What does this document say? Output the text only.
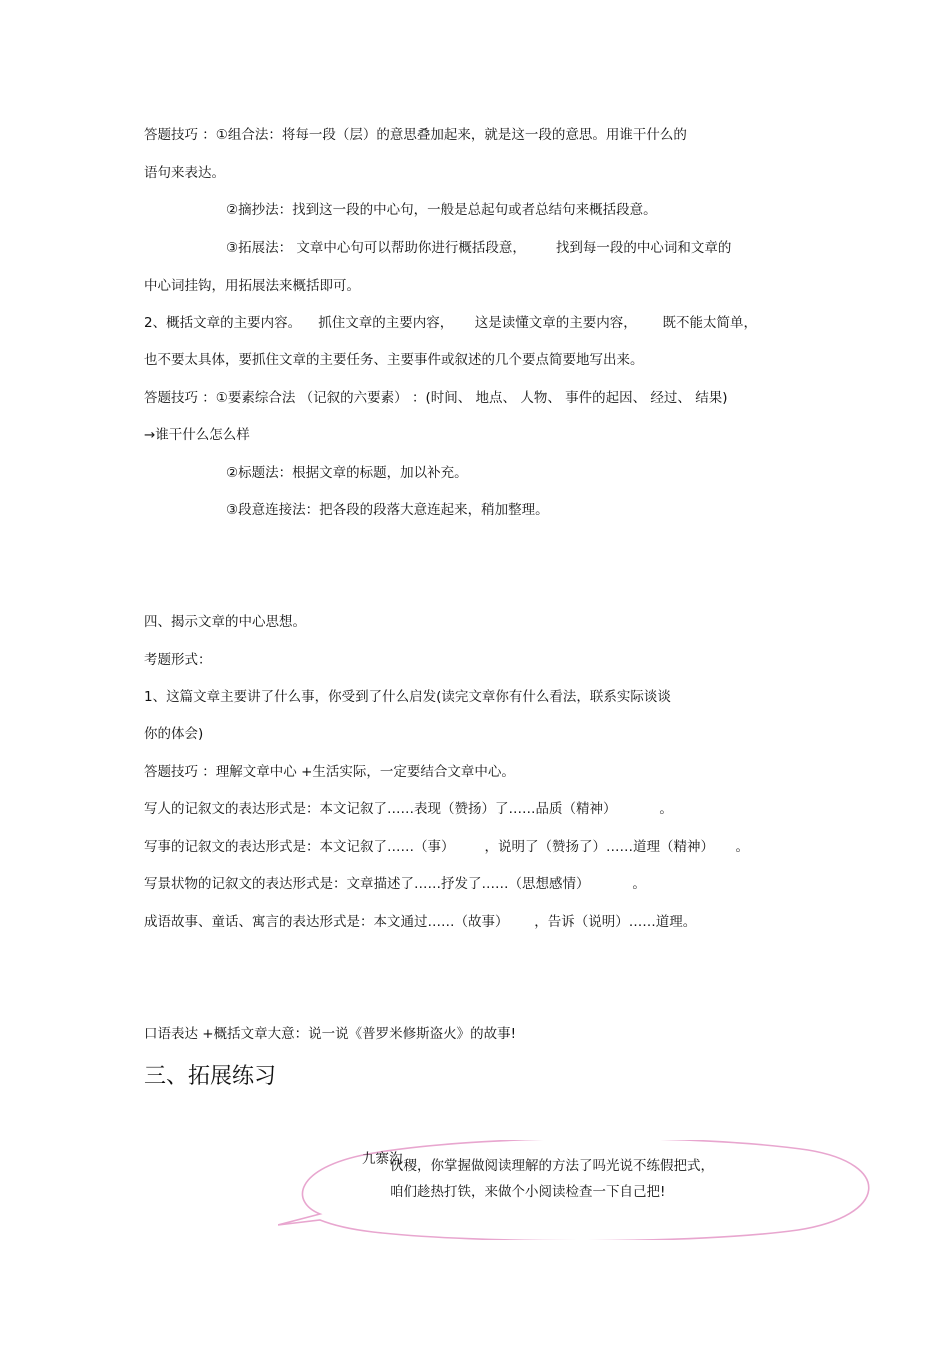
答题技巧 ：①组合法：将每一段（层）的意思叠加起来，就是这一段的意思。用谁干什么的
语句来表达。
②摘抄法：找到这一段的中心句，一般是总起句或者总结句来概括段意。
③拓展法： 文章中心句可以帮助你进行概括段意，       找到每一段的中心词和文章的
中心词挂钩，用拓展法来概括即可。
2、概括文章的主要内容。    抓住文章的主要内容，     这是读懂文章的主要内容，      既不能太简单，
也不要太具体，要抓住文章的主要任务、主要事件或叙述的几个要点简要地写出来。
答题技巧 ：①要素综合法 （记叙的六要素） ：(时间、 地点、 人物、 事件的起因、 经过、 结果)
→谁干什么怎么样
②标题法：根据文章的标题，加以补充。
③段意连接法：把各段的段落大意连起来，稍加整理。
四、揭示文章的中心思想。
考题形式：
1、这篇文章主要讲了什么事，你受到了什么启发(读完文章你有什么看法，联系实际谈谈
你的体会)
答题技巧 ：理解文章中心 +生活实际，一定要结合文章中心。
写人的记叙文的表达形式是：本文记叙了……表现（赞扬）了……品质（精神）          。
写事的记叙文的表达形式是：本文记叙了……（事）       ，说明了（赞扬了）……道理（精神）     。
写景状物的记叙文的表达形式是：文章描述了……抒发了……（思想感情）          。
成语故事、童话、寓言的表达形式是：本文通过……（故事）      ，告诉（说明）……道理。
口语表达 +概括文章大意：说一说《普罗米修斯盗火》的故事!
三、拓展练习
九寨沟
伙稷，你掌握做阅读理解的方法了吗光说不练假把式，
咱们趁热打铁，来做个小阅读检查一下自己把!
